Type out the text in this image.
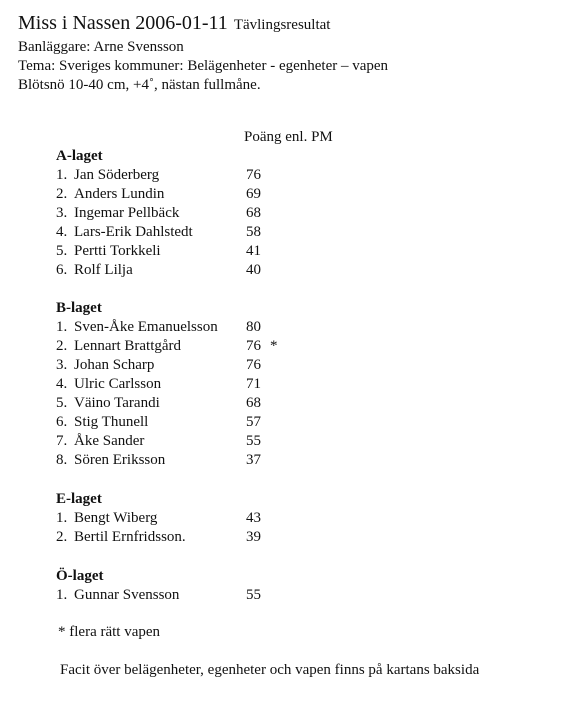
Miss i Nassen 2006-01-11 Tävlingsresultat
Banläggare: Arne Svensson
Tema: Sveriges kommuner: Belägenheter - egenheter – vapen
Blötsnö 10-40 cm, +4˚, nästan fullmåne.
Poäng enl. PM
A-laget
1. Jan Söderberg	76
2. Anders Lundin	69
3. Ingemar Pellbäck	68
4. Lars-Erik Dahlstedt	58
5. Pertti Torkkeli	41
6. Rolf Lilja	40
B-laget
1. Sven-Åke Emanuelsson 80
2. Lennart Brattgård	76 *
3. Johan Scharp	76
4. Ulric Carlsson	71
5. Väino Tarandi	68
6. Stig Thunell	57
7. Åke Sander	55
8. Sören Eriksson	37
E-laget
1. Bengt Wiberg	43
2. Bertil Ernfridsson.	39
Ö-laget
1. Gunnar Svensson	55
* flera rätt vapen
Facit över belägenheter, egenheter och vapen finns på kartans baksida
